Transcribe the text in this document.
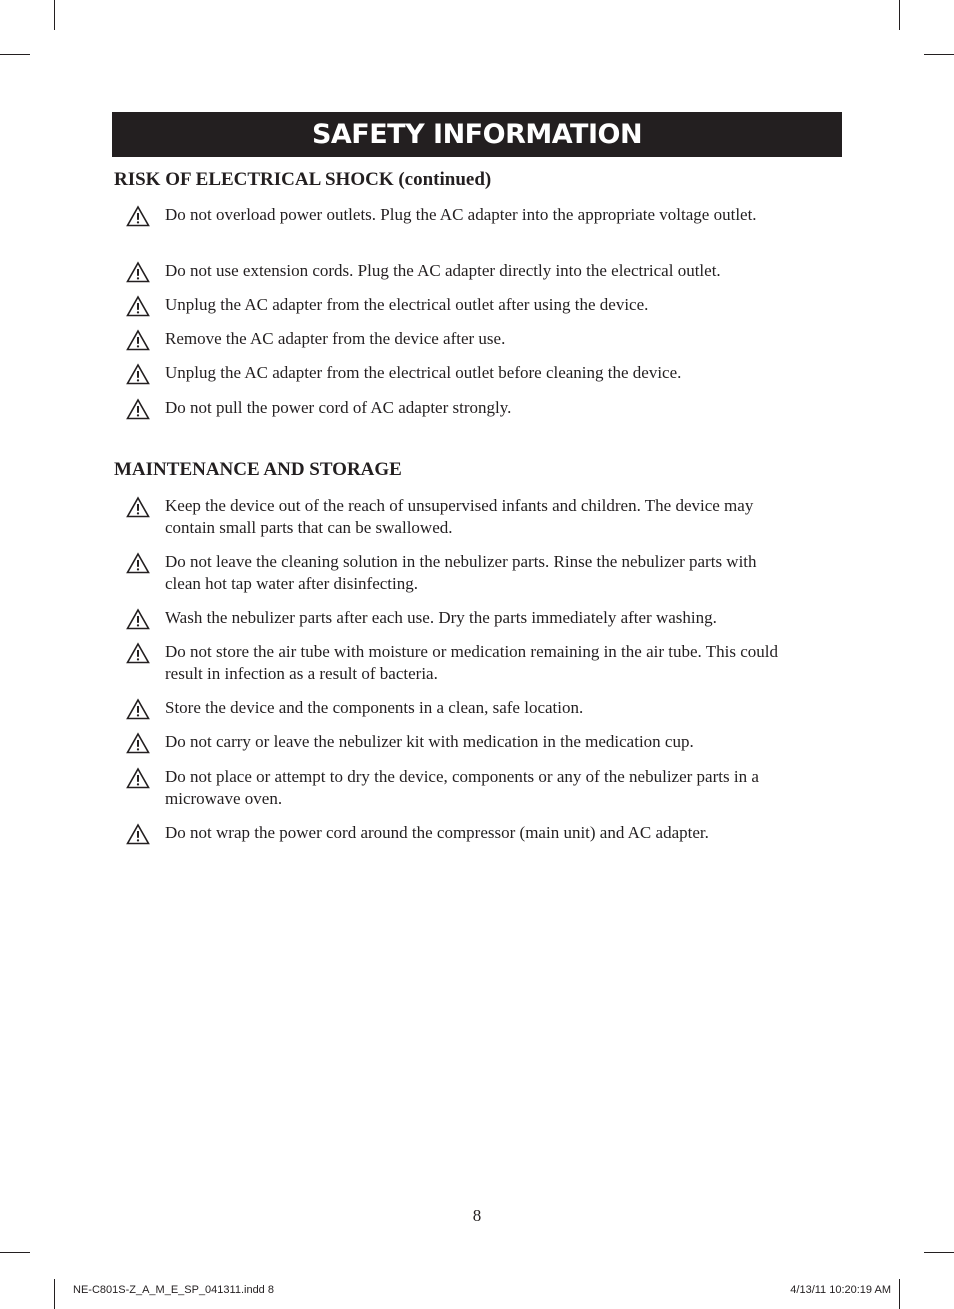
SAFETY INFORMATION
RISK OF ELECTRICAL SHOCK (continued)
Do not overload power outlets. Plug the AC adapter into the appropriate voltage outlet.
Do not use extension cords. Plug the AC adapter directly into the electrical outlet.
Unplug the AC adapter from the electrical outlet after using the device.
Remove the AC adapter from the device after use.
Unplug the AC adapter from the electrical outlet before cleaning the device.
Do not pull the power cord of AC adapter strongly.
MAINTENANCE AND STORAGE
Keep the device out of the reach of unsupervised infants and children. The device may contain small parts that can be swallowed.
Do not leave the cleaning solution in the nebulizer parts. Rinse the nebulizer parts with clean hot tap water after disinfecting.
Wash the nebulizer parts after each use. Dry the parts immediately after washing.
Do not store the air tube with moisture or medication remaining in the air tube. This could result in infection as a result of bacteria.
Store the device and the components in a clean, safe location.
Do not carry or leave the nebulizer kit with medication in the medication cup.
Do not place or attempt to dry the device, components or any of the nebulizer parts in a microwave oven.
Do not wrap the power cord around the compressor (main unit) and AC adapter.
8
NE-C801S-Z_A_M_E_SP_041311.indd 8	4/13/11 10:20:19 AM
